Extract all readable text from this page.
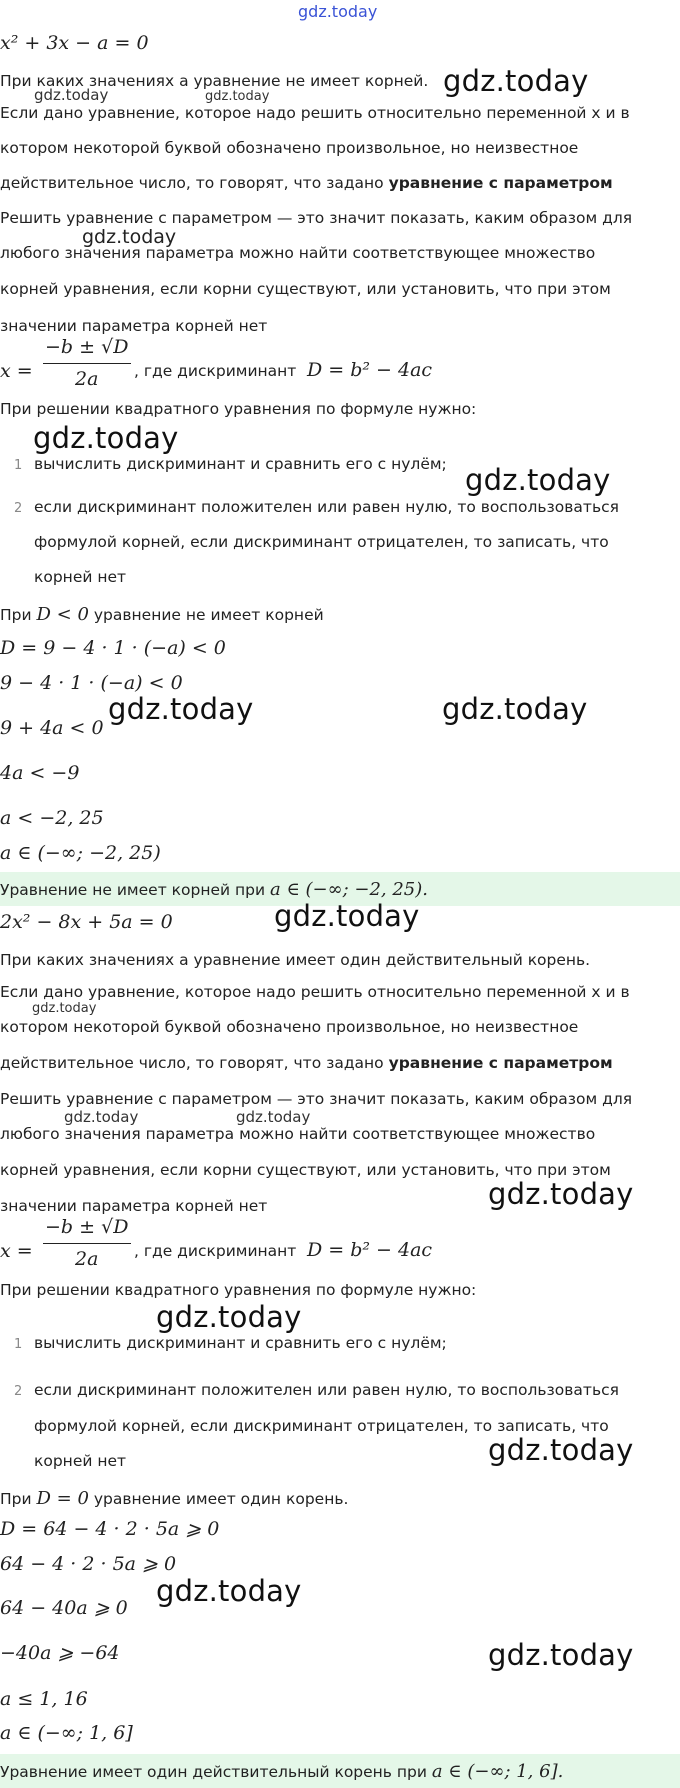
gdz.today
x² + 3x − a = 0
При каких значениях a уравнение не имеет корней. gdz.today
gdz.today	gdz.today
Если дано уравнение, которое надо решить относительно переменной x и в
котором некоторой буквой обозначено произвольное, но неизвестное
действительное число, то говорят, что задано уравнение с параметром
Решить уравнение с параметром — это значит показать, каким образом для
gdz.today
любого значения параметра можно найти соответствующее множество
корней уравнения, если корни существуют, или установить, что при этом
значении параметра корней нет
x =
−b ± √D
2a , где дискриминант D = b² − 4ac
При решении квадратного уравнения по формуле нужно:
gdz.today
1 вычислить дискриминант и сравнить его с нулём; gdz.today
2 если дискриминант положителен или равен нулю, то воспользоваться
формулой корней, если дискриминант отрицателен, то записать, что
корней нет
При D < 0 уравнение не имеет корней
D = 9 − 4 · 1 · (−a) < 0
9 − 4 · 1 · (−a) < 0
9 + 4a < 0
gdz.today	gdz.today
4a < −9
a < −2, 25
a ∈ (−∞; −2, 25)
Уравнение не имеет корней при a ∈ (−∞; −2, 25).
2x² − 8x + 5a = 0	gdz.today
При каких значениях a уравнение имеет один действительный корень.
Если дано уравнение, которое надо решить относительно переменной x и в
gdz.today
котором некоторой буквой обозначено произвольное, но неизвестное
действительное число, то говорят, что задано уравнение с параметром
Решить уравнение с параметром — это значит показать, каким образом для
gdz.today	gdz.today
любого значения параметра можно найти соответствующее множество
корней уравнения, если корни существуют, или установить, что при этом
значении параметра корней нет	gdz.today
x =
−b ± √D
2a , где дискриминант D = b² − 4ac
При решении квадратного уравнения по формуле нужно:
gdz.today
1 вычислить дискриминант и сравнить его с нулём;
2 если дискриминант положителен или равен нулю, то воспользоваться
формулой корней, если дискриминант отрицателен, то записать, что
корней нет	gdz.today
При D = 0 уравнение имеет один корень.
D = 64 − 4 · 2 · 5a ⩾ 0
64 − 4 · 2 · 5a ⩾ 0
gdz.today
64 − 40a ⩾ 0
−40a ⩾ −64	gdz.today
a ≤ 1, 16
a ∈ (−∞; 1, 6]
Уравнение имеет один действительный корень при a ∈ (−∞; 1, 6].
